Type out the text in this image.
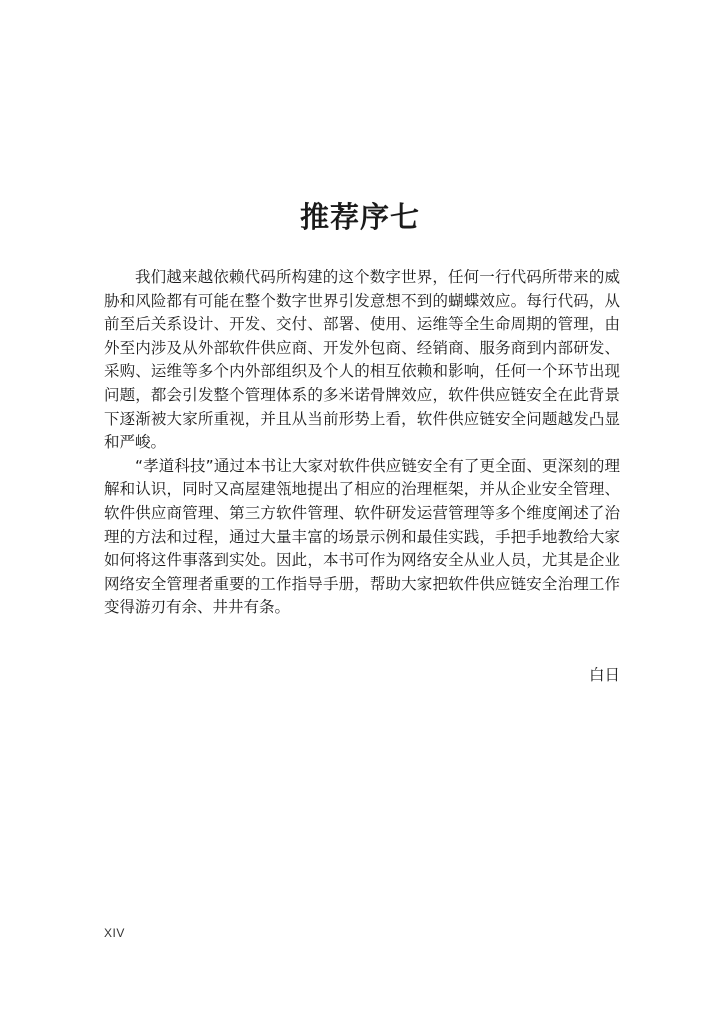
推荐序七

我们越来越依赖代码所构建的这个数字世界，任何一行代码所带来的威胁和风险都有可能在整个数字世界引发意想不到的蝴蝶效应。每行代码，从前至后关系设计、开发、交付、部署、使用、运维等全生命周期的管理，由外至内涉及从外部软件供应商、开发外包商、经销商、服务商到内部研发、采购、运维等多个内外部组织及个人的相互依赖和影响，任何一个环节出现问题，都会引发整个管理体系的多米诺骨牌效应，软件供应链安全在此背景下逐渐被大家所重视，并且从当前形势上看，软件供应链安全问题越发凸显和严峻。

“孝道科技”通过本书让大家对软件供应链安全有了更全面、更深刻的理解和认识，同时又高屋建瓴地提出了相应的治理框架，并从企业安全管理、软件供应商管理、第三方软件管理、软件研发运营管理等多个维度阐述了治理的方法和过程，通过大量丰富的场景示例和最佳实践，手把手地教给大家如何将这件事落到实处。因此，本书可作为网络安全从业人员，尤其是企业网络安全管理者重要的工作指导手册，帮助大家把软件供应链安全治理工作变得游刃有余、井井有条。

白日
XIV
